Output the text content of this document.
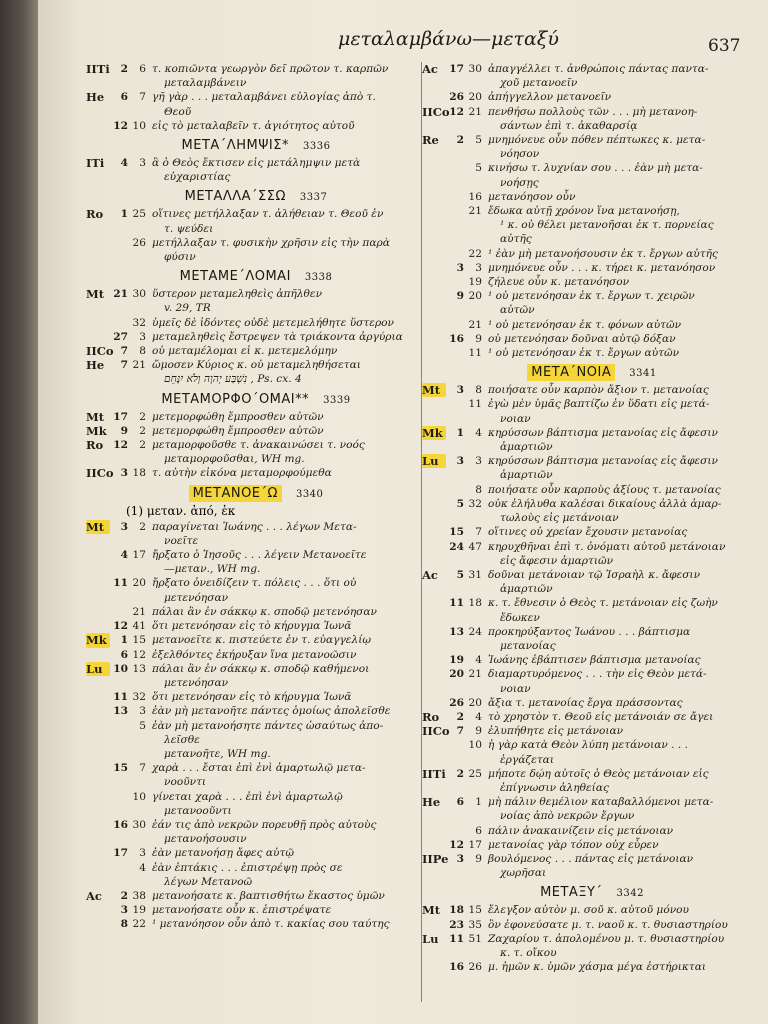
μεταλαμβάνω—μεταξύ	637
IITi	2	6 τ. κοπιῶντα γεωργὸν δεῖ πρῶτον τ. καρπῶν
μεταλαμβάνειν
He	6	7 γῆ γὰρ . . . μεταλαμβάνει εὐλογίας ἀπὸ τ.
Θεοῦ
12 10 εἰς τὸ μεταλαβεῖν τ. ἁγιότητος αὐτοῦ
ΜΕΤΑ΄ΛΗΜΨΙΣ* 3336
ITi	4	3 ἃ ὁ Θεὸς ἔκτισεν εἰς μετάλημψιν μετὰ
εὐχαριστίας
ΜΕΤΑΛΛΑ΄ΣΣΩ 3337
Ro	1 25 οἵτινες μετήλλαξαν τ. ἀλήθειαν τ. Θεοῦ ἐν
τ. ψεύδει
26 μετήλλαξαν τ. φυσικὴν χρῆσιν εἰς τὴν παρὰ
φύσιν
ΜΕΤΑΜΕ΄ΛΟΜΑΙ 3338
Mt 21 30 ὕστερον μεταμεληθεὶς ἀπῆλθεν
v. 29, TR
32 ὑμεῖς δὲ ἰδόντες οὐδὲ μετεμελήθητε ὕστερον
27	3 μεταμεληθεὶς ἔστρεψεν τὰ τριάκοντα ἀργύρια
IICo 7	8 οὐ μεταμέλομαι εἰ κ. μετεμελόμην
He	7 21 ὤμοσεν Κύριος κ. οὐ μεταμεληθήσεται
נִשְׁבַּע יְהוָה וְלֹא יִנָּחֵם , Ps. cx. 4
ΜΕΤΑΜΟΡΦΟ΄ΟΜΑΙ** 3339
Mt 17	2 μετεμορφώθη ἔμπροσθεν αὐτῶν
Mk	9	2 μετεμορφώθη ἔμπροσθεν αὐτῶν
Ro 12	2 μεταμορφοῦσθε τ. ἀνακαινώσει τ. νοός
μεταμορφοῦσθαι, WH mg.
IICo 3 18 τ. αὐτὴν εἰκόνα μεταμορφούμεθα
ΜΕΤΑΝΟΕ΄Ω 3340
(1) μεταν. ἀπό, ἐκ
Mt	3	2 παραγίνεται Ἰωάνης . . . λέγων Μετα-
νοεῖτε
4 17 ἤρξατο ὁ Ἰησοῦς . . . λέγειν Μετανοεῖτε
—μεταν., WH mg.
11 20 ἤρξατο ὀνειδίζειν τ. πόλεις . . . ὅτι οὐ
μετενόησαν
21 πάλαι ἂν ἐν σάκκῳ κ. σποδῷ μετενόησαν
12 41 ὅτι μετενόησαν εἰς τὸ κήρυγμα Ἰωνᾶ
Mk	1 15 μετανοεῖτε κ. πιστεύετε ἐν τ. εὐαγγελίῳ
6 12 ἐξελθόντες ἐκήρυξαν ἵνα μετανοῶσιν
Lu	10 13 πάλαι ἂν ἐν σάκκῳ κ. σποδῷ καθήμενοι
μετενόησαν
11 32 ὅτι μετενόησαν εἰς τὸ κήρυγμα Ἰωνᾶ
13	3 ἐὰν μὴ μετανοῆτε πάντες ὁμοίως ἀπολεῖσθε
5 ἐὰν μὴ μετανοήσητε πάντες ὡσαύτως ἀπο-
λεῖσθε
μετανοῆτε, WH mg.
15	7 χαρὰ . . . ἔσται ἐπὶ ἑνὶ ἁμαρτωλῷ μετα-
νοοῦντι
10 γίνεται χαρὰ . . . ἐπὶ ἑνὶ ἁμαρτωλῷ
μετανοοῦντι
16 30 ἐάν τις ἀπὸ νεκρῶν πορευθῇ πρὸς αὐτοὺς
μετανοήσουσιν
17	3 ἐὰν μετανοήσῃ ἄφες αὐτῷ
4 ἐὰν ἑπτάκις . . . ἐπιστρέψῃ πρὸς σε
λέγων Μετανοῶ
Ac	2 38 μετανοήσατε κ. βαπτισθήτω ἕκαστος ὑμῶν
3 19 μετανοήσατε οὖν κ. ἐπιστρέψατε
8 22 ¹ μετανόησον οὖν ἀπὸ τ. κακίας σου ταύτης
Ac	17 30 ἀπαγγέλλει τ. ἀνθρώποις πάντας παντα-
χοῦ μετανοεῖν
26 20 ἀπήγγελλον μετανοεῖν
IICo 12 21 πενθήσω πολλοὺς τῶν . . . μὴ μετανοη-
σάντων ἐπὶ τ. ἀκαθαρσίᾳ
Re	2	5 μνημόνευε οὖν πόθεν πέπτωκες κ. μετα-
νόησον
5 κινήσω τ. λυχνίαν σου . . . ἐὰν μὴ μετα-
νοήσῃς
16 μετανόησον οὖν
21 ἔδωκα αὐτῇ χρόνον ἵνα μετανοήσῃ,
¹ κ. οὐ θέλει μετανοῆσαι ἐκ τ. πορνείας
αὐτῆς
22 ¹ ἐὰν μὴ μετανοήσουσιν ἐκ τ. ἔργων αὐτῆς
3	3 μνημόνευε οὖν . . . κ. τήρει κ. μετανόησον
19 ζήλευε οὖν κ. μετανόησον
9 20 ¹ οὐ μετενόησαν ἐκ τ. ἔργων τ. χειρῶν
αὐτῶν
21 ¹ οὐ μετενόησαν ἐκ τ. φόνων αὐτῶν
16	9 οὐ μετενόησαν δοῦναι αὐτῷ δόξαν
11 ¹ οὐ μετενόησαν ἐκ τ. ἔργων αὐτῶν
ΜΕΤΑ΄ΝΟΙΑ 3341
Mt	3	8 ποιήσατε οὖν καρπὸν ἄξιον τ. μετανοίας
11 ἐγὼ μὲν ὑμᾶς βαπτίζω ἐν ὕδατι εἰς μετά-
νοιαν
Mk	1	4 κηρύσσων βάπτισμα μετανοίας εἰς ἄφεσιν
ἁμαρτιῶν
Lu	3	3 κηρύσσων βάπτισμα μετανοίας εἰς ἄφεσιν
ἁμαρτιῶν
8 ποιήσατε οὖν καρποὺς ἀξίους τ. μετανοίας
5 32 οὐκ ἐλήλυθα καλέσαι δικαίους ἀλλὰ ἁμαρ-
τωλοὺς εἰς μετάνοιαν
15	7 οἵτινες οὐ χρείαν ἔχουσιν μετανοίας
24 47 κηρυχθῆναι ἐπὶ τ. ὀνόματι αὐτοῦ μετάνοιαν
εἰς ἄφεσιν ἁμαρτιῶν
Ac	5 31 δοῦναι μετάνοιαν τῷ Ἰσραὴλ κ. ἄφεσιν
ἁμαρτιῶν
11 18 κ. τ. ἔθνεσιν ὁ Θεὸς τ. μετάνοιαν εἰς ζωὴν
ἔδωκεν
13 24 προκηρύξαντος Ἰωάνου . . . βάπτισμα
μετανοίας
19	4 Ἰωάνης ἐβάπτισεν βάπτισμα μετανοίας
20 21 διαμαρτυρόμενος . . . τὴν εἰς Θεὸν μετά-
νοιαν
26 20 ἄξια τ. μετανοίας ἔργα πράσσοντας
Ro	2	4 τὸ χρηστὸν τ. Θεοῦ εἰς μετάνοιάν σε ἄγει
IICo 7	9 ἐλυπήθητε εἰς μετάνοιαν
10 ἡ γὰρ κατὰ Θεὸν λύπη μετάνοιαν . . .
ἐργάζεται
IITi	2 25 μήποτε δῴη αὐτοῖς ὁ Θεὸς μετάνοιαν εἰς
ἐπίγνωσιν ἀληθείας
He	6	1 μὴ πάλιν θεμέλιον καταβαλλόμενοι μετα-
νοίας ἀπὸ νεκρῶν ἔργων
6 πάλιν ἀνακαινίζειν εἰς μετάνοιαν
12 17 μετανοίας γὰρ τόπον οὐχ εὗρεν
IIPe 3	9 βουλόμενος . . . πάντας εἰς μετάνοιαν
χωρῆσαι
ΜΕΤΑΞΥ΄ 3342
Mt 18 15 ἔλεγξον αὐτὸν μ. σοῦ κ. αὐτοῦ μόνου
23 35 ὃν ἐφονεύσατε μ. τ. ναοῦ κ. τ. θυσιαστηρίου
Lu	11 51 Ζαχαρίου τ. ἀπολομένου μ. τ. θυσιαστηρίου
κ. τ. οἴκου
16 26 μ. ἡμῶν κ. ὑμῶν χάσμα μέγα ἐστήρικται
